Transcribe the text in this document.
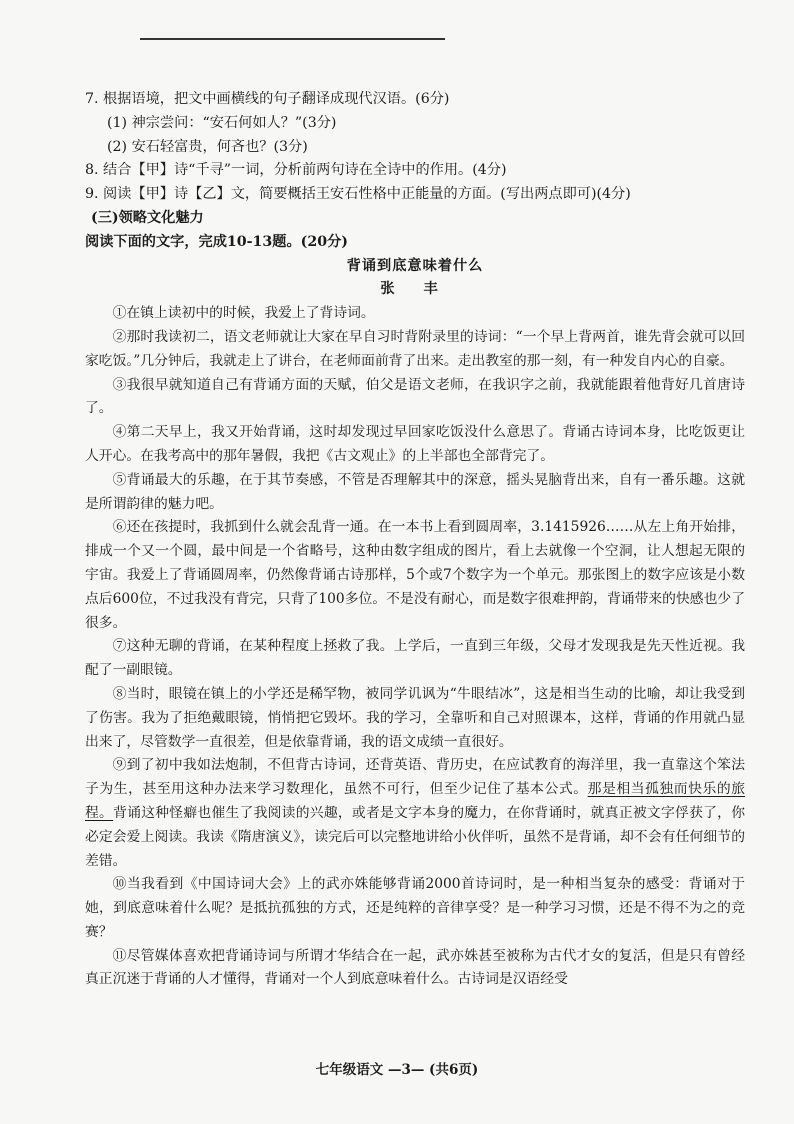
7. 根据语境，把文中画横线的句子翻译成现代汉语。(6分)
(1) 神宗尝问：“安石何如人？”(3分)
(2) 安石轻富贵，何吝也？(3分)
8. 结合【甲】诗“千寻”一词，分析前两句诗在全诗中的作用。(4分)
9. 阅读【甲】诗【乙】文，简要概括王安石性格中正能量的方面。(写出两点即可)(4分)
(三)领略文化魅力
阅读下面的文字，完成10-13题。(20分)
背诵到底意味着什么
张 丰

①在镇上读初中的时候，我爱上了背诗词。

②那时我读初二，语文老师就让大家在早自习时背附录里的诗词：“一个早上背两首，谁先背会就可以回家吃饭。”几分钟后，我就走上了讲台，在老师面前背了出来。走出教室的那一刻，有一种发自内心的自豪。

③我很早就知道自己有背诵方面的天赋，伯父是语文老师，在我识字之前，我就能跟着他背好几首唐诗了。

④第二天早上，我又开始背诵，这时却发现过早回家吃饭没什么意思了。背诵古诗词本身，比吃饭更让人开心。在我考高中的那年暑假，我把《古文观止》的上半部也全部背完了。

⑤背诵最大的乐趣，在于其节奏感，不管是否理解其中的深意，摇头晃脑背出来，自有一番乐趣。这就是所谓韵律的魅力吧。

⑥还在孩提时，我抓到什么就会乱背一通。在一本书上看到圆周率，3.1415926……从左上角开始排，排成一个又一个圆，最中间是一个省略号，这种由数字组成的图片，看上去就像一个空洞，让人想起无限的宇宙。我爱上了背诵圆周率，仍然像背诵古诗那样，5个或7个数字为一个单元。那张图上的数字应该是小数点后600位，不过我没有背完，只背了100多位。不是没有耐心，而是数字很难押韵，背诵带来的快感也少了很多。

⑦这种无聊的背诵，在某种程度上拯救了我。上学后，一直到三年级，父母才发现我是先天性近视。我配了一副眼镜。

⑧当时，眼镜在镇上的小学还是稀罕物，被同学讥讽为“牛眼结冰”，这是相当生动的比喻，却让我受到了伤害。我为了拒绝戴眼镜，悄悄把它毁坏。我的学习，全靠听和自己对照课本，这样，背诵的作用就凸显出来了，尽管数学一直很差，但是依靠背诵，我的语文成绩一直很好。

⑨到了初中我如法炮制，不但背古诗词，还背英语、背历史，在应试教育的海洋里，我一直靠这个笨法子为生，甚至用这种办法来学习数理化，虽然不可行，但至少记住了基本公式。那是相当孤独而快乐的旅程。背诵这种怪癖也催生了我阅读的兴趣，或者是文字本身的魔力，在你背诵时，就真正被文字俘获了，你必定会爱上阅读。我读《隋唐演义》，读完后可以完整地讲给小伙伴听，虽然不是背诵，却不会有任何细节的差错。

⑩当我看到《中国诗词大会》上的武亦姝能够背诵2000首诗词时，是一种相当复杂的感受：背诵对于她，到底意味着什么呢？是抵抗孤独的方式，还是纯粹的音律享受？是一种学习习惯，还是不得不为之的竞赛？

⑪尽管媒体喜欢把背诵诗词与所谓才华结合在一起，武亦姝甚至被称为古代才女的复活，但是只有曾经真正沉迷于背诵的人才懂得，背诵对一个人到底意味着什么。古诗词是汉语经受

七年级语文 —3— (共6页)
